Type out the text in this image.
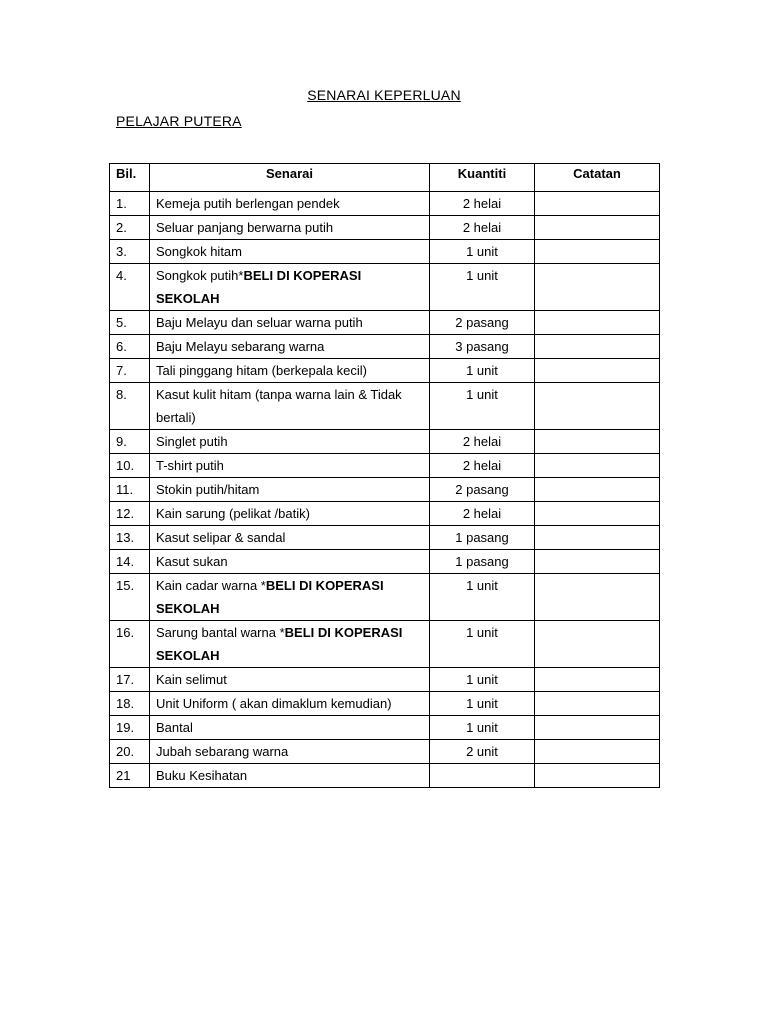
SENARAI KEPERLUAN
PELAJAR PUTERA
Bil.	Senarai	Kuantiti	Catatan
1.	Kemeja putih berlengan pendek	2 helai	
2.	Seluar panjang berwarna putih	2 helai	
3.	Songkok hitam	1 unit	
4.	Songkok putih*BELI DI KOPERASI SEKOLAH	1 unit	
5.	Baju Melayu dan seluar warna putih	2 pasang	
6.	Baju Melayu sebarang warna	3 pasang	
7.	Tali pinggang hitam (berkepala kecil)	1 unit	
8.	Kasut kulit hitam (tanpa warna lain & Tidak bertali)	1 unit	
9.	Singlet putih	2 helai	
10.	T-shirt putih	2 helai	
11.	Stokin putih/hitam	2 pasang	
12.	Kain sarung (pelikat /batik)	2 helai	
13.	Kasut selipar & sandal	1 pasang	
14.	Kasut sukan	1 pasang	
15.	Kain cadar warna *BELI DI KOPERASI SEKOLAH	1 unit	
16.	Sarung bantal warna *BELI DI KOPERASI SEKOLAH	1 unit	
17.	Kain selimut	1 unit	
18.	Unit Uniform ( akan dimaklum kemudian)	1 unit	
19.	Bantal	1 unit	
20.	Jubah sebarang warna	2 unit	
21	Buku Kesihatan		
